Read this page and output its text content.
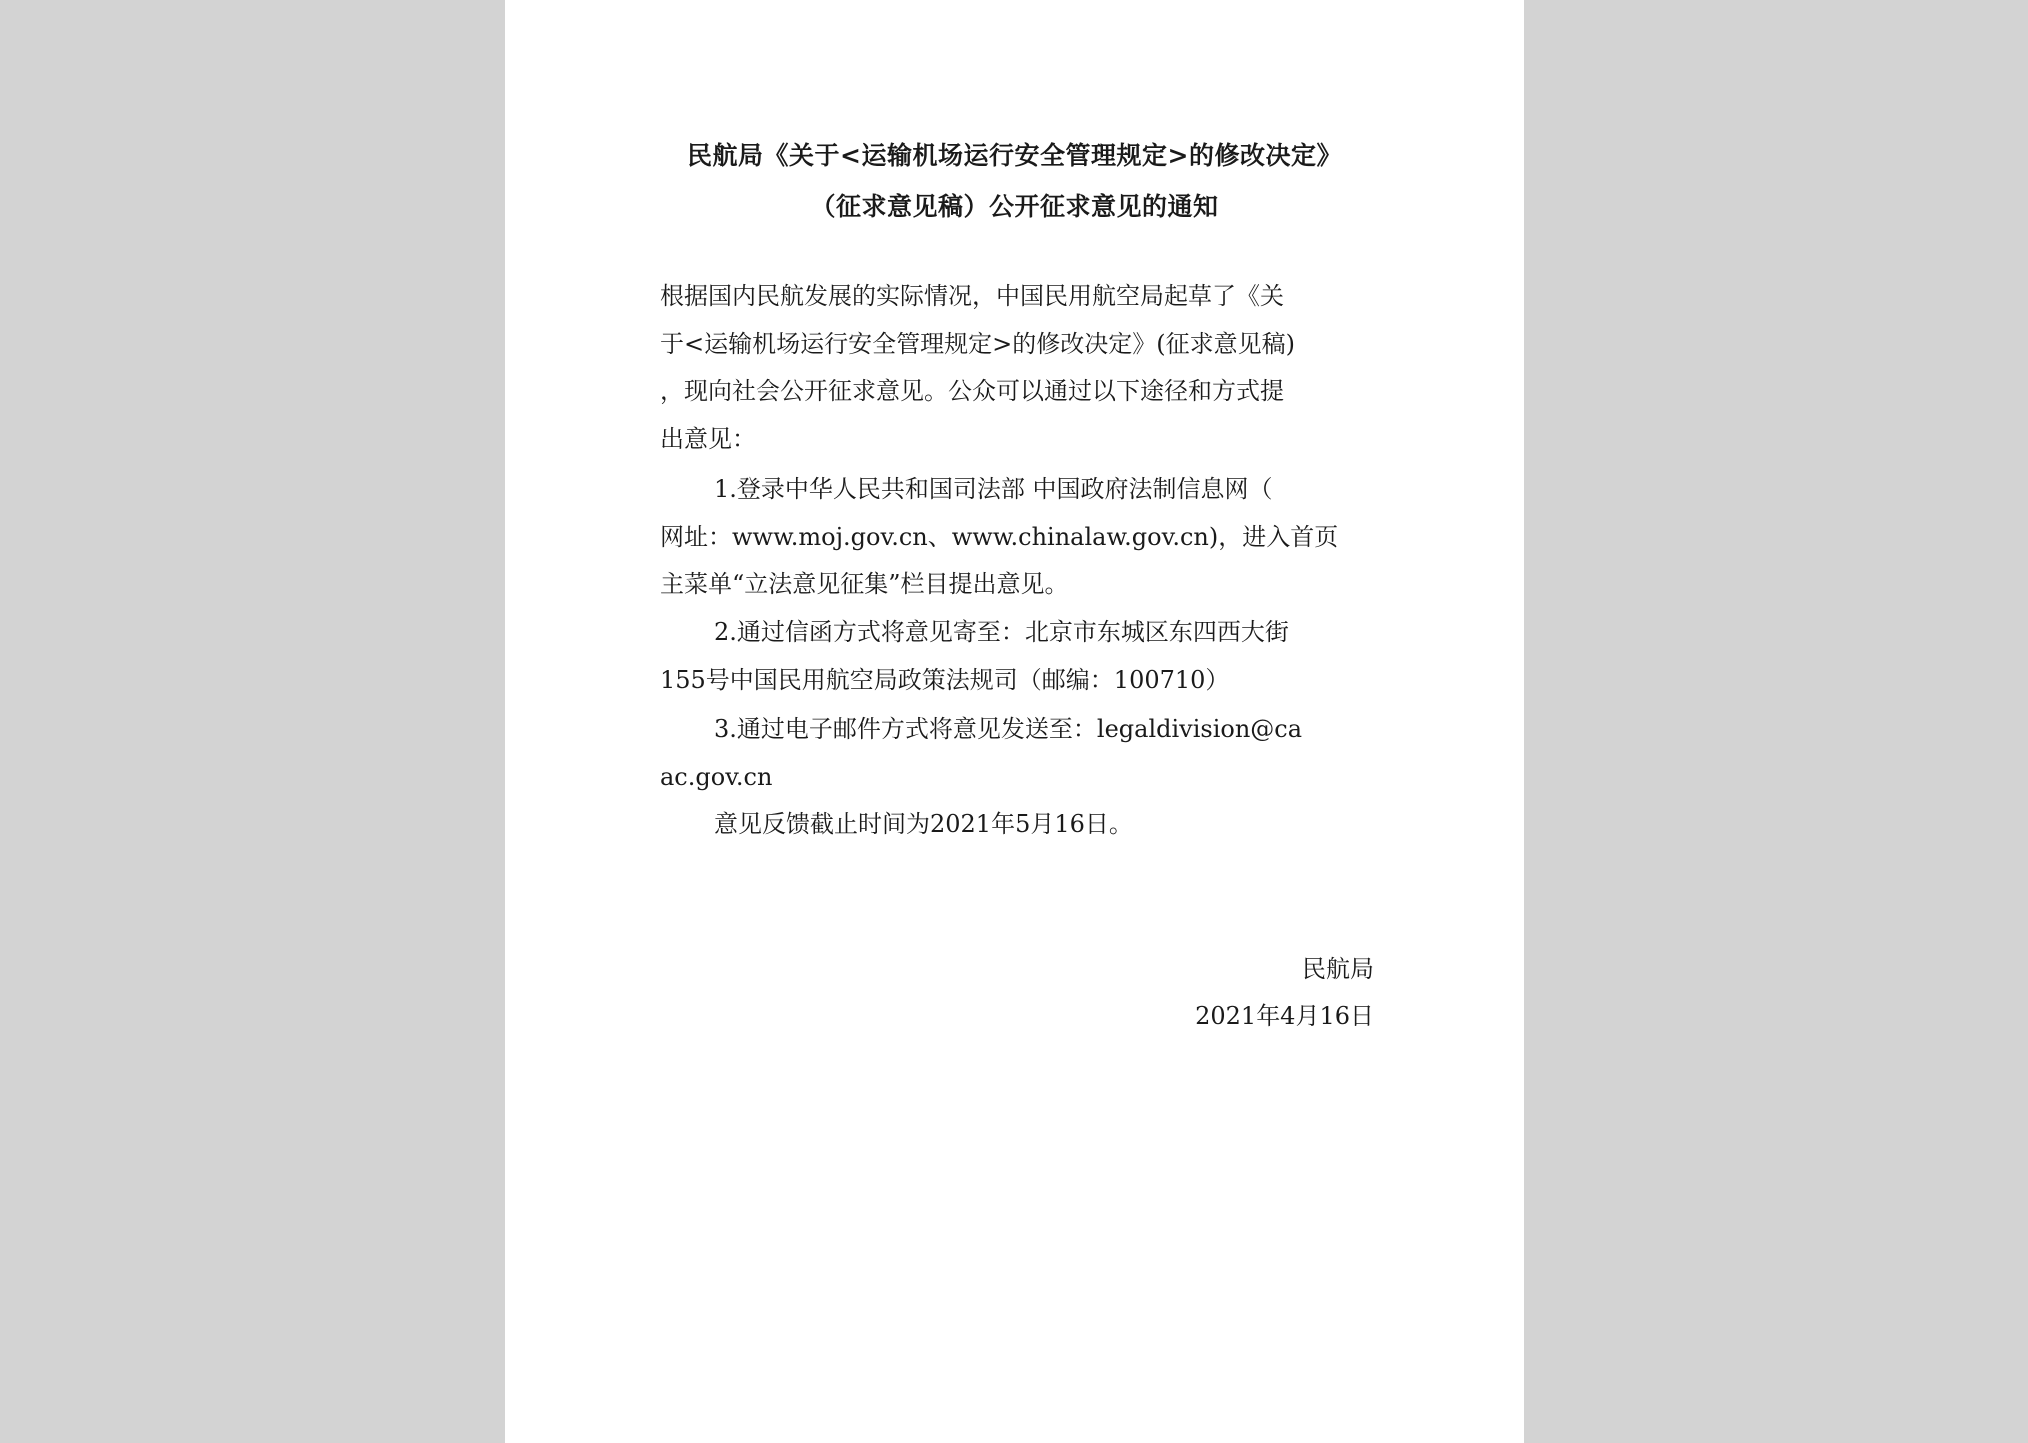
民航局《关于<运输机场运行安全管理规定>的修改决定》
（征求意见稿）公开征求意见的通知
根据国内民航发展的实际情况，中国民用航空局起草了《关
于<运输机场运行安全管理规定>的修改决定》(征求意见稿)
，现向社会公开征求意见。公众可以通过以下途径和方式提
出意见：
1.登录中华人民共和国司法部 中国政府法制信息网（
网址：www.moj.gov.cn、www.chinalaw.gov.cn)，进入首页
主菜单“立法意见征集”栏目提出意见。
2.通过信函方式将意见寄至：北京市东城区东四西大街
155号中国民用航空局政策法规司（邮编：100710）
3.通过电子邮件方式将意见发送至：legaldivision@ca
ac.gov.cn
意见反馈截止时间为2021年5月16日。
民航局
2021年4月16日
